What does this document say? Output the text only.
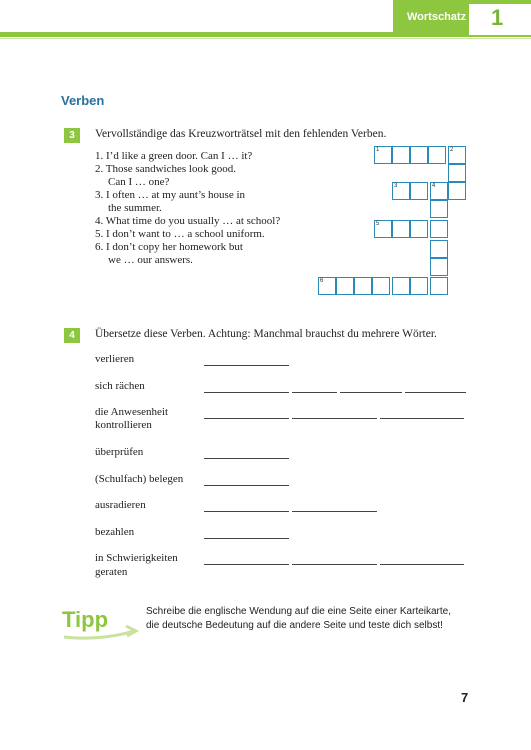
Wortschatz 1
Verben
3	Vervollständige das Kreuzworträtsel mit den fehlenden Verben.
1. I’d like a green door. Can I … it?
2. Those sandwiches look good.
Can I … one?
3. I often … at my aunt’s house in
the summer.
4. What time do you usually … at school?
5. I don’t want to … a school uniform.
6. I don’t copy her homework but
we … our answers.
1	2
3	4
5
6
4	Übersetze diese Verben. Achtung: Manchmal brauchst du mehrere Wörter.
verlieren
sich rächen
die Anwesenheit
kontrollieren
überprüfen
(Schulfach) belegen
ausradieren
bezahlen
in Schwierigkeiten
geraten
Tipp	Schreibe die englische Wendung auf die eine Seite einer Karteikarte,
die deutsche Bedeutung auf die andere Seite und teste dich selbst!
7
